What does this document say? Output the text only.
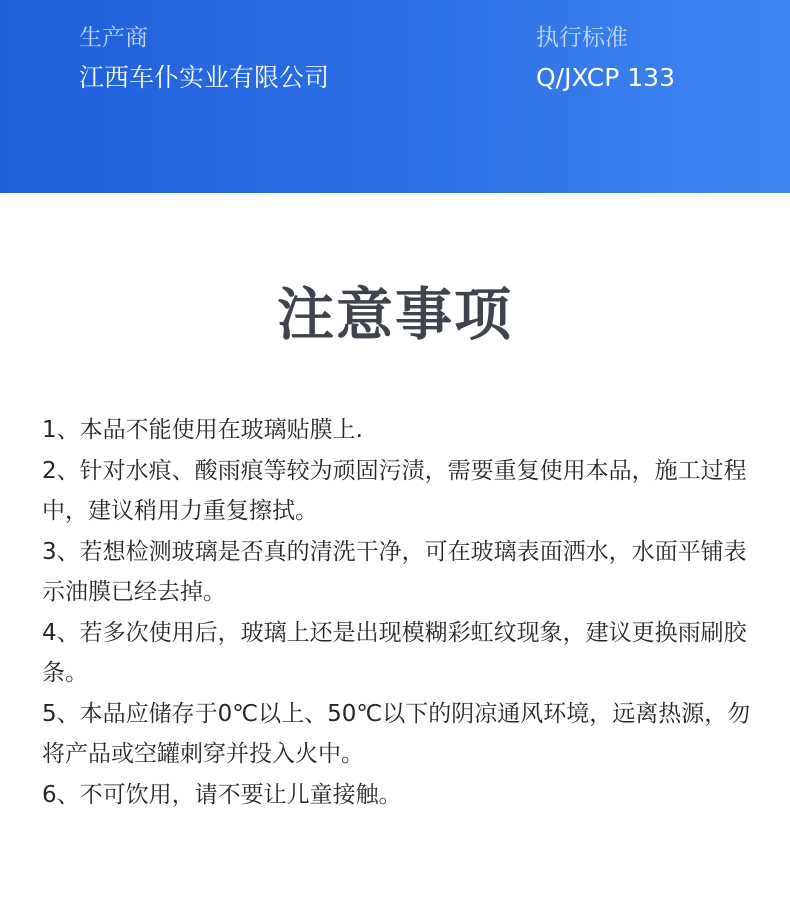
生产商
江西车仆实业有限公司
执行标准
Q/JXCP 133
注意事项
1、本品不能使用在玻璃贴膜上.
2、针对水痕、酸雨痕等较为顽固污渍，需要重复使用本品，施工过程中，建议稍用力重复擦拭。
3、若想检测玻璃是否真的清洗干净，可在玻璃表面洒水，水面平铺表示油膜已经去掉。
4、若多次使用后，玻璃上还是出现模糊彩虹纹现象，建议更换雨刷胶条。
5、本品应储存于0℃以上、50℃以下的阴凉通风环境，远离热源，勿将产品或空罐刺穿并投入火中。
6、不可饮用，请不要让儿童接触。
